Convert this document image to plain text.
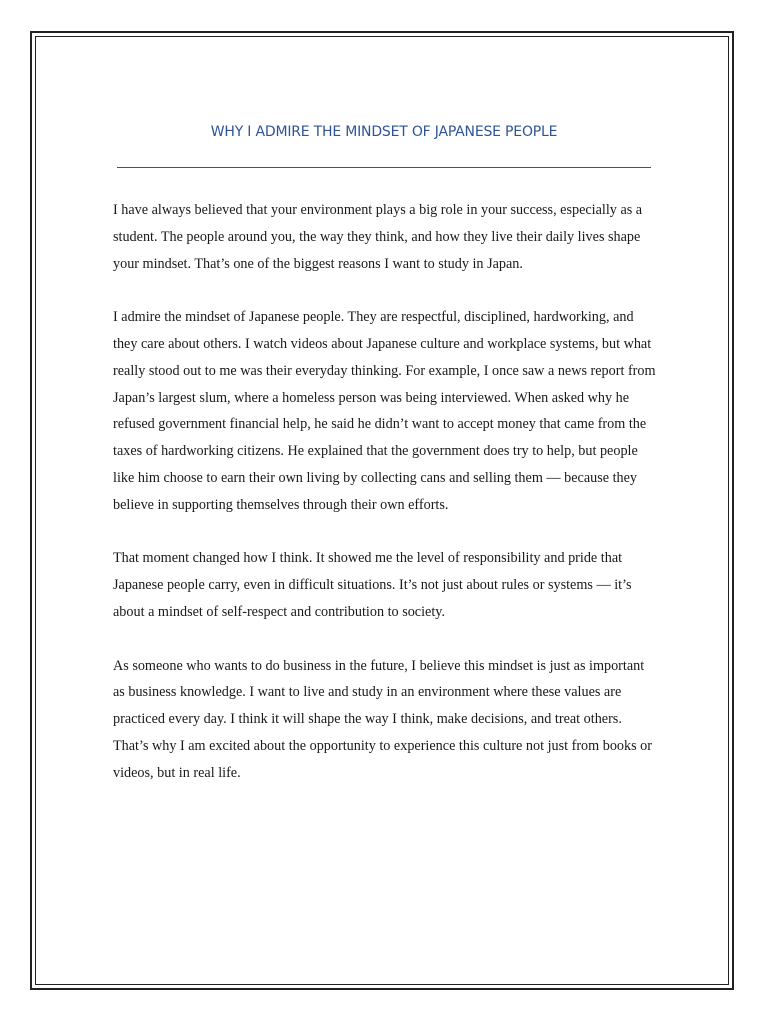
WHY I ADMIRE THE MINDSET OF JAPANESE PEOPLE

I have always believed that your environment plays a big role in your success, especially as a student. The people around you, the way they think, and how they live their daily lives shape your mindset. That’s one of the biggest reasons I want to study in Japan.

I admire the mindset of Japanese people. They are respectful, disciplined, hardworking, and they care about others. I watch videos about Japanese culture and workplace systems, but what really stood out to me was their everyday thinking. For example, I once saw a news report from Japan’s largest slum, where a homeless person was being interviewed. When asked why he refused government financial help, he said he didn’t want to accept money that came from the taxes of hardworking citizens. He explained that the government does try to help, but people like him choose to earn their own living by collecting cans and selling them — because they believe in supporting themselves through their own efforts.

That moment changed how I think. It showed me the level of responsibility and pride that Japanese people carry, even in difficult situations. It’s not just about rules or systems — it’s about a mindset of self-respect and contribution to society.

As someone who wants to do business in the future, I believe this mindset is just as important as business knowledge. I want to live and study in an environment where these values are practiced every day. I think it will shape the way I think, make decisions, and treat others. That’s why I am excited about the opportunity to experience this culture not just from books or videos, but in real life.
